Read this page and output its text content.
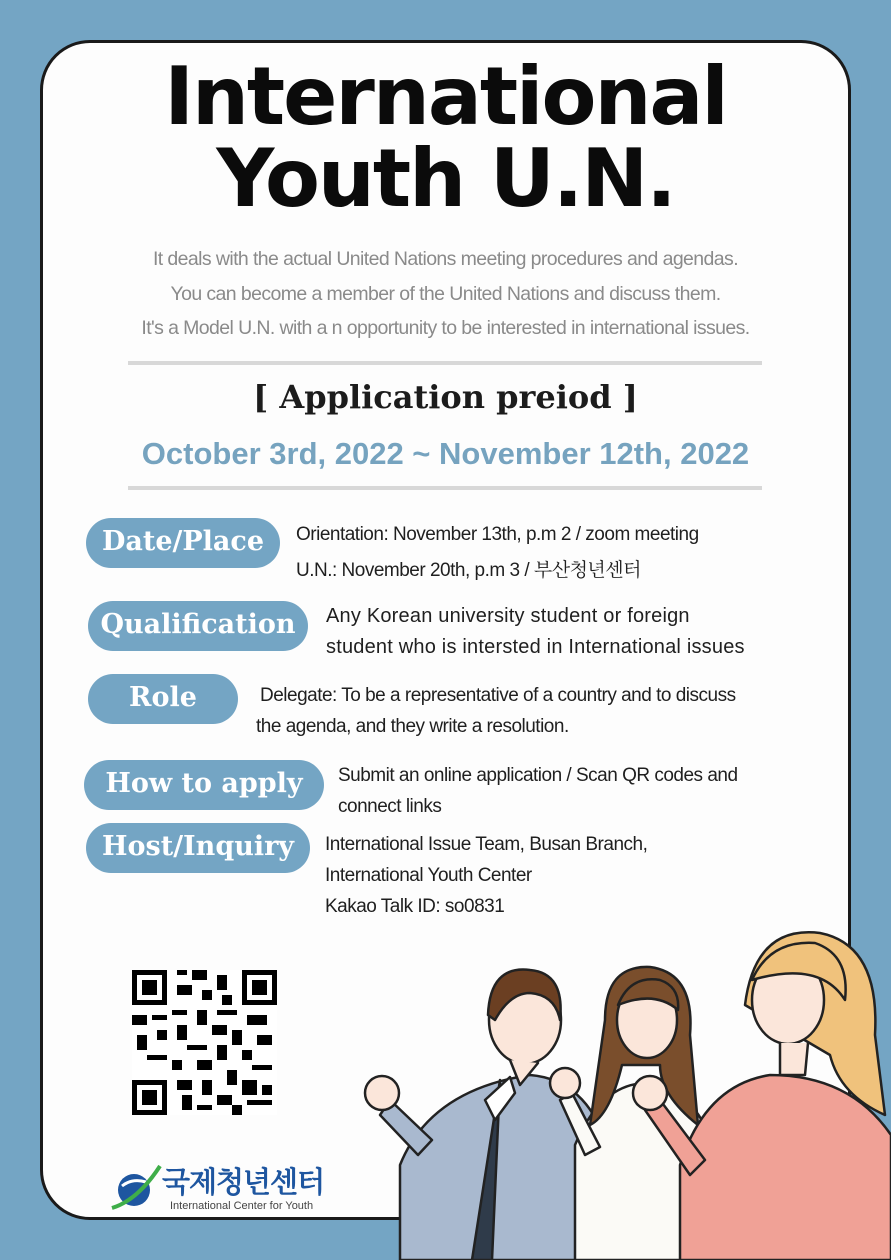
International
Youth U.N.
It deals with the actual United Nations meeting procedures and agendas.
You can become a member of the United Nations and discuss them.
It's a Model U.N. with a n opportunity to be interested in international issues.
[ Application preiod ]
October 3rd, 2022 ~ November 12th, 2022
Date/Place	Orientation: November 13th, p.m 2 / zoom meeting
U.N.: November 20th, p.m 3 / 부산청년센터
Qualification	Any Korean university student or foreign
student who is intersted in International issues
Role	Delegate: To be a representative of a country and to discuss
the agenda, and they write a resolution.
How to apply	Submit an online application / Scan QR codes and
connect links
Host/Inquiry	International Issue Team, Busan Branch,
International Youth Center
Kakao Talk ID: so0831
국제청년센터
International Center for Youth
